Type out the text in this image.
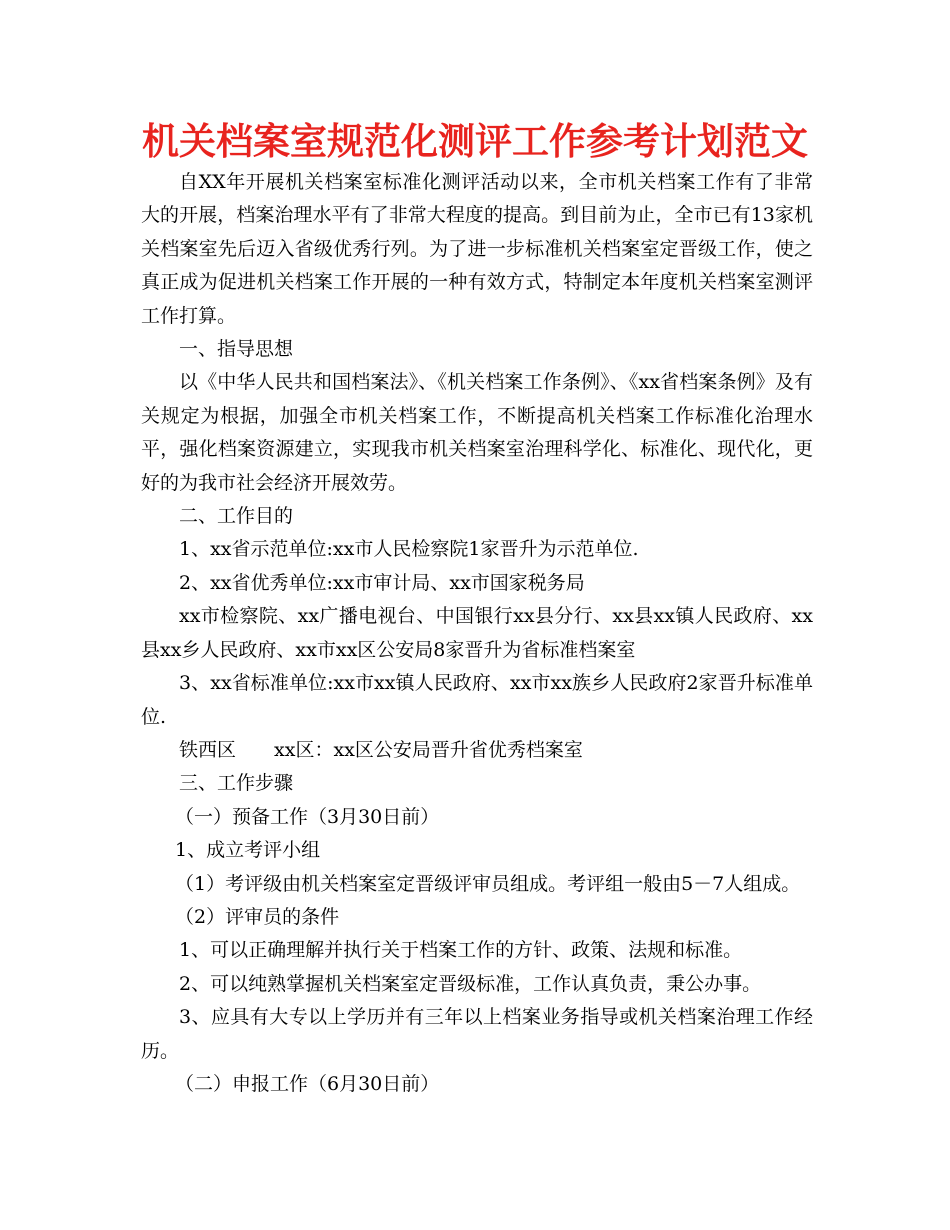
机关档案室规范化测评工作参考计划范文

自XX年开展机关档案室标准化测评活动以来，全市机关档案工作有了非常大的开展，档案治理水平有了非常大程度的提高。到目前为止，全市已有13家机关档案室先后迈入省级优秀行列。为了进一步标准机关档案室定晋级工作，使之真正成为促进机关档案工作开展的一种有效方式，特制定本年度机关档案室测评工作打算。

一、指导思想

以《中华人民共和国档案法》、《机关档案工作条例》、《xx省档案条例》及有关规定为根据，加强全市机关档案工作，不断提高机关档案工作标准化治理水平，强化档案资源建立，实现我市机关档案室治理科学化、标准化、现代化，更好的为我市社会经济开展效劳。

二、工作目的

1、xx省示范单位:xx市人民检察院1家晋升为示范单位.

2、xx省优秀单位:xx市审计局、xx市国家税务局

xx市检察院、xx广播电视台、中国银行xx县分行、xx县xx镇人民政府、xx县xx乡人民政府、xx市xx区公安局8家晋升为省标准档案室

3、xx省标准单位:xx市xx镇人民政府、xx市xx族乡人民政府2家晋升标准单位.

铁西区 xx区：xx区公安局晋升省优秀档案室

三、工作步骤

（一）预备工作（3月30日前）

1、成立考评小组

（1）考评级由机关档案室定晋级评审员组成。考评组一般由5－7人组成。

（2）评审员的条件

1、可以正确理解并执行关于档案工作的方针、政策、法规和标准。

2、可以纯熟掌握机关档案室定晋级标准，工作认真负责，秉公办事。

3、应具有大专以上学历并有三年以上档案业务指导或机关档案治理工作经历。

（二）申报工作（6月30日前）
